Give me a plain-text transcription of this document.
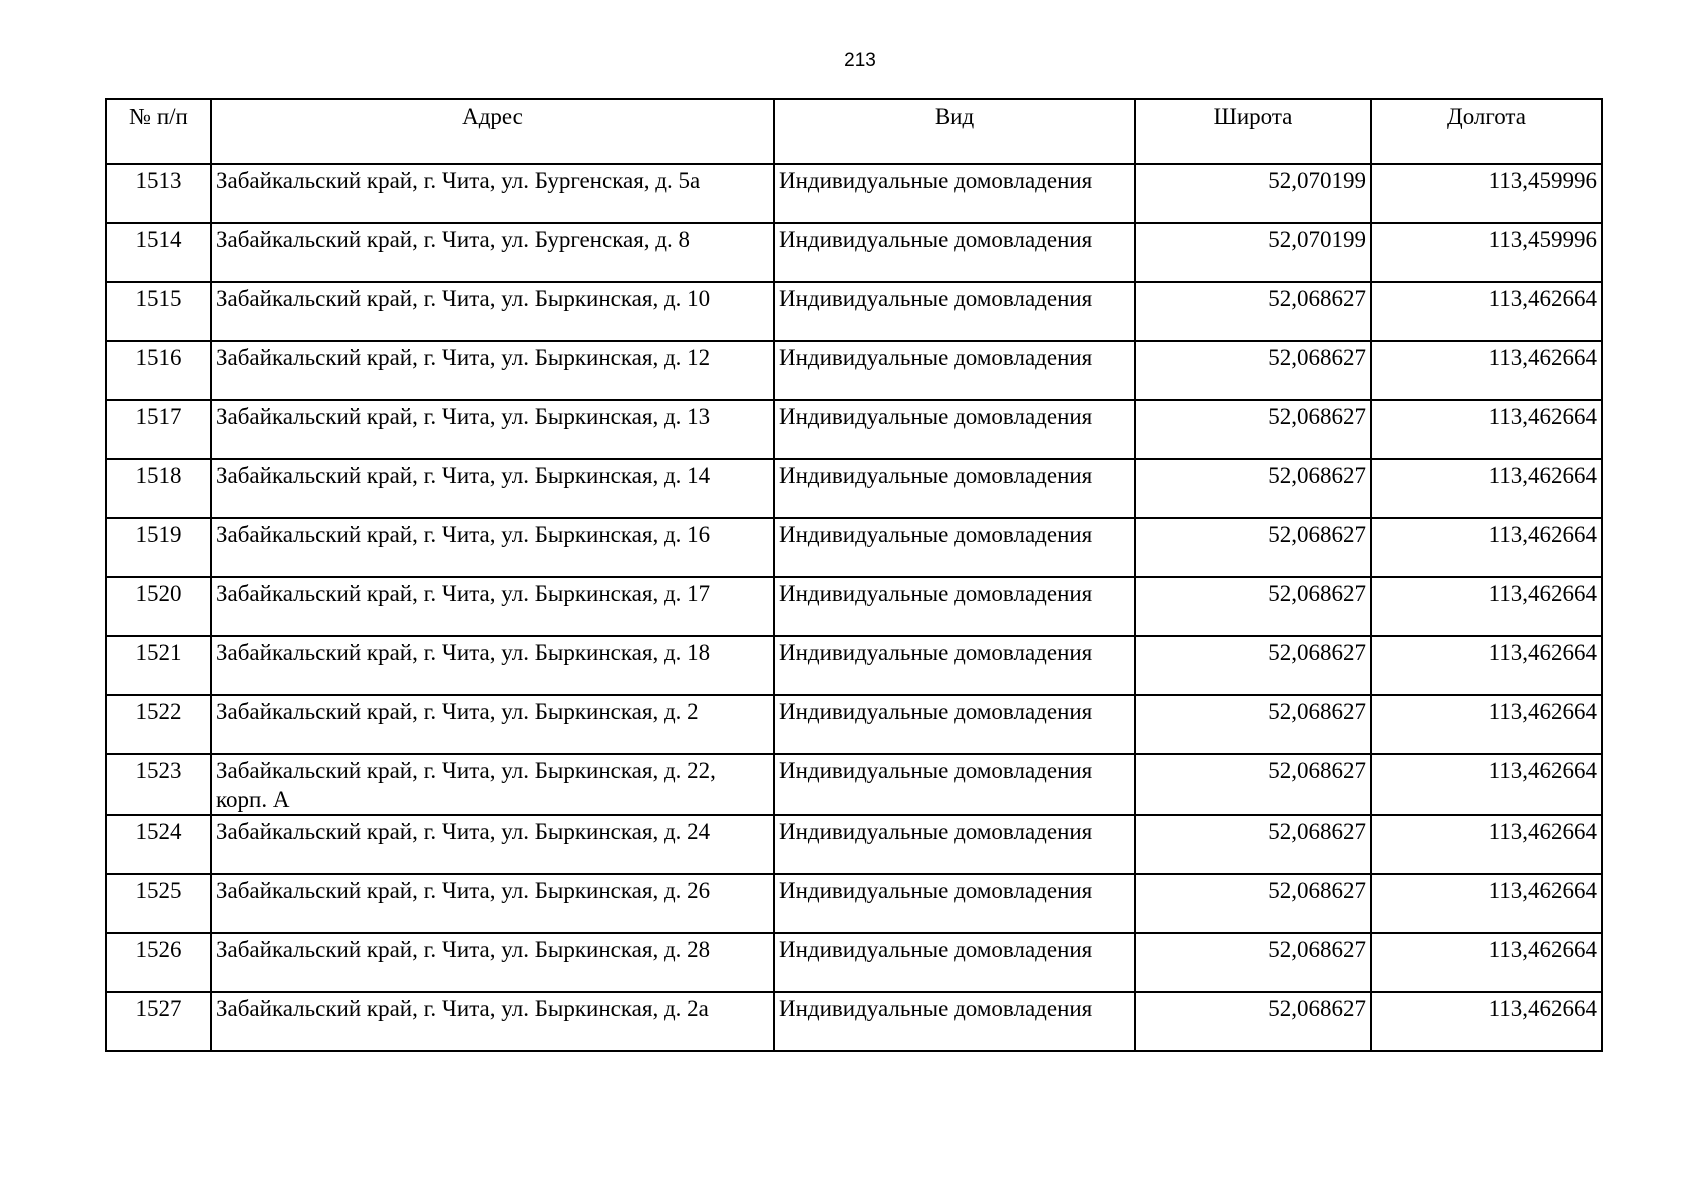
213
№ п/п	Адрес	Вид	Широта	Долгота
1513	Забайкальский край, г. Чита, ул. Бургенская, д. 5а	Индивидуальные домовладения	52,070199	113,459996
1514	Забайкальский край, г. Чита, ул. Бургенская, д. 8	Индивидуальные домовладения	52,070199	113,459996
1515	Забайкальский край, г. Чита, ул. Быркинская, д. 10	Индивидуальные домовладения	52,068627	113,462664
1516	Забайкальский край, г. Чита, ул. Быркинская, д. 12	Индивидуальные домовладения	52,068627	113,462664
1517	Забайкальский край, г. Чита, ул. Быркинская, д. 13	Индивидуальные домовладения	52,068627	113,462664
1518	Забайкальский край, г. Чита, ул. Быркинская, д. 14	Индивидуальные домовладения	52,068627	113,462664
1519	Забайкальский край, г. Чита, ул. Быркинская, д. 16	Индивидуальные домовладения	52,068627	113,462664
1520	Забайкальский край, г. Чита, ул. Быркинская, д. 17	Индивидуальные домовладения	52,068627	113,462664
1521	Забайкальский край, г. Чита, ул. Быркинская, д. 18	Индивидуальные домовладения	52,068627	113,462664
1522	Забайкальский край, г. Чита, ул. Быркинская, д. 2	Индивидуальные домовладения	52,068627	113,462664
1523	Забайкальский край, г. Чита, ул. Быркинская, д. 22, корп. А	Индивидуальные домовладения	52,068627	113,462664
1524	Забайкальский край, г. Чита, ул. Быркинская, д. 24	Индивидуальные домовладения	52,068627	113,462664
1525	Забайкальский край, г. Чита, ул. Быркинская, д. 26	Индивидуальные домовладения	52,068627	113,462664
1526	Забайкальский край, г. Чита, ул. Быркинская, д. 28	Индивидуальные домовладения	52,068627	113,462664
1527	Забайкальский край, г. Чита, ул. Быркинская, д. 2а	Индивидуальные домовладения	52,068627	113,462664
